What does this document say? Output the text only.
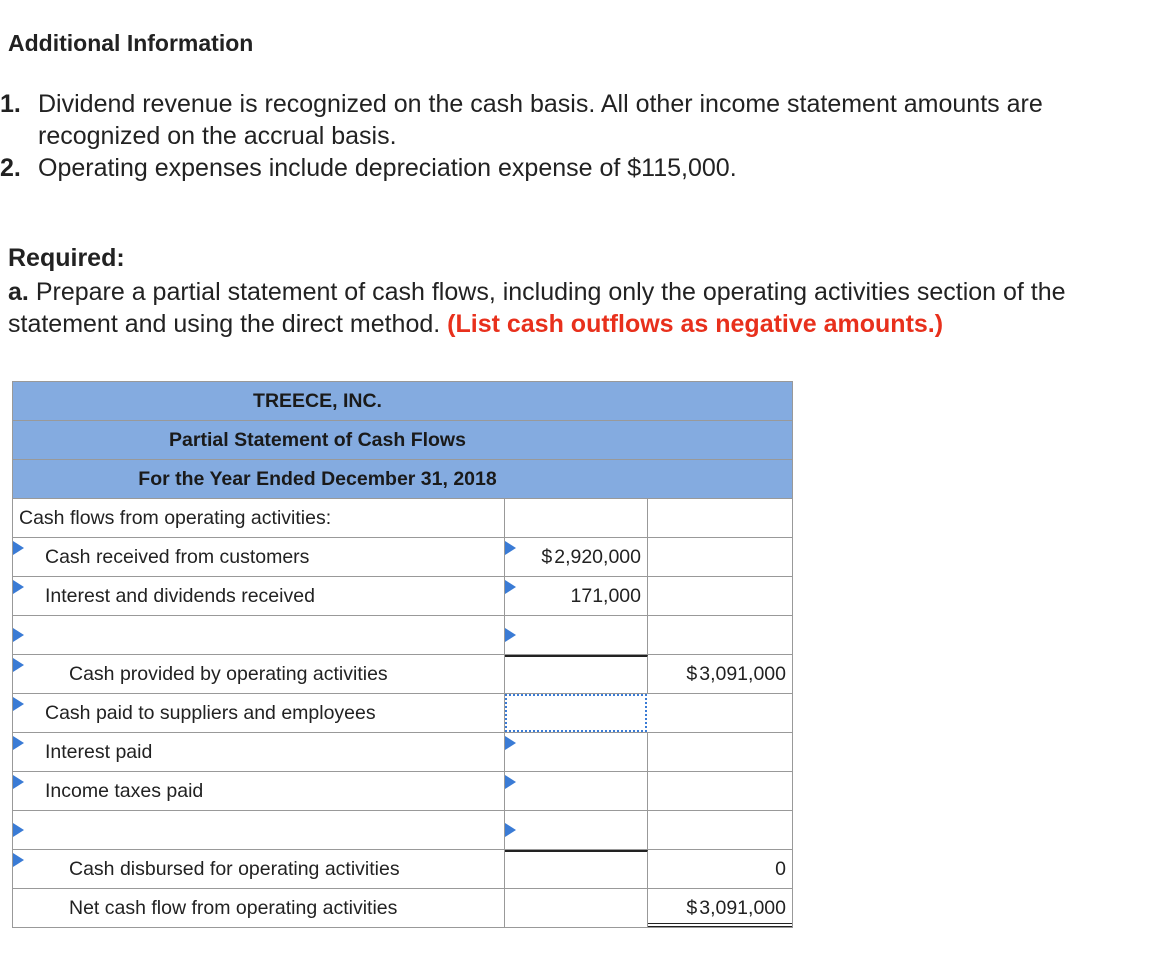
Additional Information
1. Dividend revenue is recognized on the cash basis. All other income statement amounts are recognized on the accrual basis.
2. Operating expenses include depreciation expense of $115,000.
Required:
a. Prepare a partial statement of cash flows, including only the operating activities section of the statement and using the direct method. (List cash outflows as negative amounts.)
TREECE, INC.
Partial Statement of Cash Flows
For the Year Ended December 31, 2018
Cash flows from operating activities:
Cash received from customers	$ 2,920,000
Interest and dividends received	171,000
Cash provided by operating activities	$ 3,091,000
Cash paid to suppliers and employees
Interest paid
Income taxes paid
Cash disbursed for operating activities	0
Net cash flow from operating activities	$ 3,091,000
